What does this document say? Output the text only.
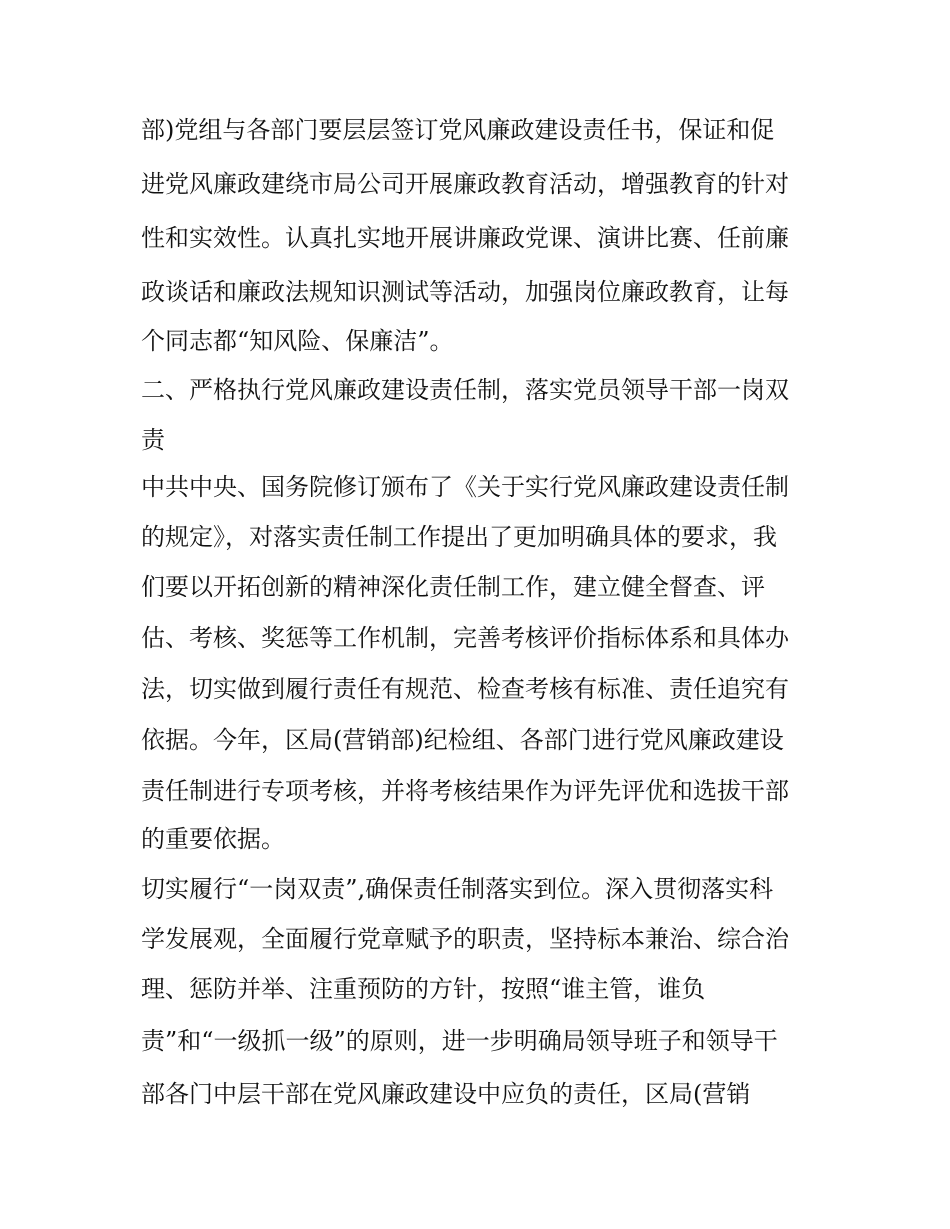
部)党组与各部门要层层签订党风廉政建设责任书，保证和促

进党风廉政建绕市局公司开展廉政教育活动，增强教育的针对

性和实效性。认真扎实地开展讲廉政党课、演讲比赛、任前廉

政谈话和廉政法规知识测试等活动，加强岗位廉政教育，让每

个同志都“知风险、保廉洁”。

二、严格执行党风廉政建设责任制，落实党员领导干部一岗双

责

中共中央、国务院修订颁布了《关于实行党风廉政建设责任制

的规定》，对落实责任制工作提出了更加明确具体的要求，我

们要以开拓创新的精神深化责任制工作，建立健全督查、评

估、考核、奖惩等工作机制，完善考核评价指标体系和具体办

法，切实做到履行责任有规范、检查考核有标准、责任追究有

依据。今年，区局(营销部)纪检组、各部门进行党风廉政建设

责任制进行专项考核，并将考核结果作为评先评优和选拔干部

的重要依据。

切实履行“一岗双责”,确保责任制落实到位。深入贯彻落实科

学发展观，全面履行党章赋予的职责，坚持标本兼治、综合治

理、惩防并举、注重预防的方针，按照“谁主管，谁负

责”和“一级抓一级”的原则，进一步明确局领导班子和领导干

部各门中层干部在党风廉政建设中应负的责任，区局(营销
